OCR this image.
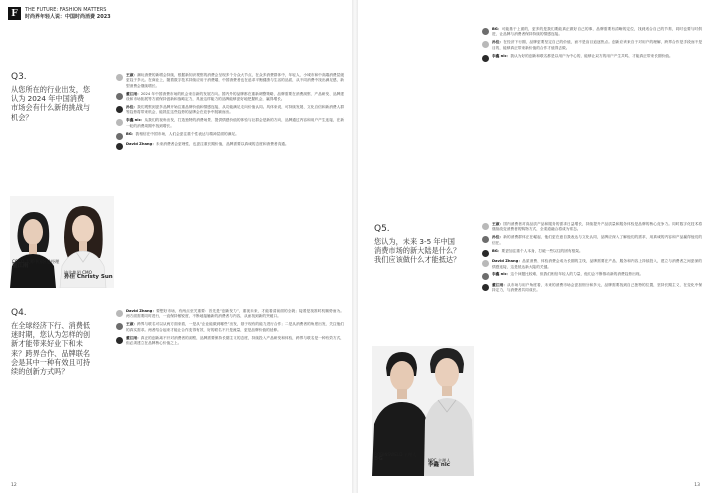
F	THE FUTURE: FASHION MATTERS
时尚界年轻人说：中国时尚消费 2023
Q3.
从您所在的行业出发，您认为 2024 年中国消费市场会有什么新的挑战与机会？
王淑：潮玩消费的新增会持续，根据新知识观察的消费会呈现多个分众大节点，在众多消费群体中，年轻人、小城市和中高端消费层级更趋于多元。在商业上，随着数字技术持续应用于消费端，中国消费者也在追求平衡健康与生活的品质，从不同消费中找出满足感，新型消费会继续增长。
董江雨：2024 年中国消费市场的机会来自新的发展方向。国内外的品牌都在重新调整策略，品牌需要在消费洞察、产品研发、品牌建设和市场拓展等方面保持创新和战略定力，具备这样能力的品牌能够更好地把握机会，赢得增长。
孙佳：我们观察到更多品牌开始注重品牌价值和情感连接，从功能满足走向价值认同。具体来说，可持续发展、文化自信和新消费人群等趋势将带来机会，能抓住这些趋势的品牌会在竞争中脱颖而出。
李鑫 nic：从我们的视角出发，打造独特的消费场景、提供情感价值的体验与社群会是新的方向，品牌通过内容和用户产生连接，在新一轮的消费周期中找到增长。
BG：我相信在中国市场，人们会更注重个性表达与精神层面的满足。
David Zhang：未来消费者会更理性，也更注重长期价值，品牌需要以真诚的态度和消费者沟通。
COCO 大师中国区总经理
董江雨
迪比集团 CMO
孙佳 Christy Sun
Q4.
在全球经济下行、消费低迷时期，您认为怎样的创新才能带来好业下和未来？跨界合作、品牌联名会是其中一种有效且可持续的创新方式吗？
David Zhang：要想好市场，有两点至关重要：首先是“创新发力”，重视未来，才能看清前面的全貌；接着是找准时机顺势而为。两方面需要同时进行，一直保持敏锐度，不断地接触新的消费者与内容，从而找到新的突破口。
王淑：跨界与联名可以从两方面来看，一是从“企业能做到哪些”出发，基于现有的能力进行合作；二是从消费者的角度出发，关注他们的真实需求。两者结合起来才能让合作变得有效，好的联名不只是流量，更是品牌价值的延伸。
董江雨：真正的创新离不开对消费者的洞察，品牌需要保持长期主义的态度，持续投入产品研发和体验，跨界与联名是一种有效方式，但必须建立在品牌核心价值之上。
12
BG：可能基于上面的，更多的是我们要能真正做好自己的事，品牌需要有清晰的定位，找到适合自己的节奏，同时也要与时俱进，让品牌与消费者保持持续的情感连接。
孙佳：在经济下行期，品牌更要坚定自己的价值，而不是盲目追逐热点。创新应该来自于对用户的理解，跨界合作是手段而不是目的，能够真正带来新价值的合作才值得去做。
李鑫 nic：我认为好的创新和联名都是以用户为中心的，能够让双方的用户产生共鸣，才能真正带来长期价值。
Q5.
您认为，未来 3-5 年中国消费市场的新大陆是什么？我们应该做什么才能抵达？
王淑：国内消费者对高品质产品和服务的需求日益增长，持续提升产品质量和服务体验是品牌的核心竞争力。同时数字化技术将继续改变消费者的购物方式，全渠道融合将成为常态。
孙佳：新的消费群体正在崛起，他们更在意自我表达与文化认同，品牌应深入了解他们的需求，用真诚的内容和产品赢得他们的信任。
BG：要更加注重个人本身，打破一些以往的固有框架。
David Zhang：品质消费、体验消费会成为长期的主线，品牌需要在产品、服务和内容上持续投入，建立与消费者之间更深的情感连接，这是抵达新大陆的关键。
李鑫 nic：这个问题比较难，但我们相信年轻人的力量，他们会不断推动新的消费趋势出现。
董江雨：从市场与用户角度看，未来的消费市场会更加细分和多元，品牌需要找到自己独特的位置，坚持长期主义，在变化中保持定力，与消费者共同成长。
ROBINSWELD 主理人
BG	NPC 主理人
李鑫 nic
13
